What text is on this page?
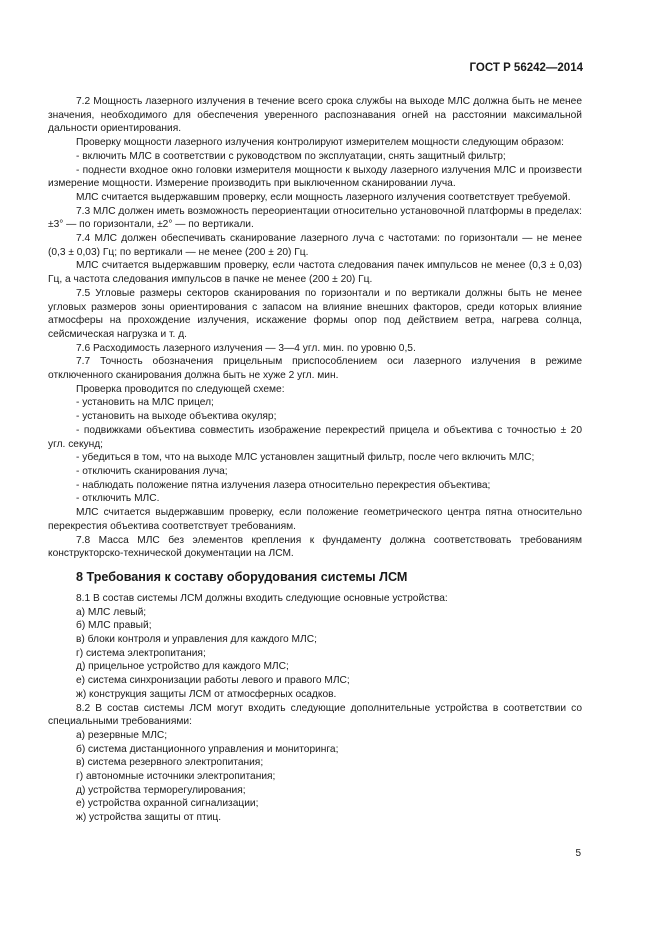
ГОСТ Р 56242—2014

7.2 Мощность лазерного излучения в течение всего срока службы на выходе МЛС должна быть не менее значения, необходимого для обеспечения уверенного распознавания огней на расстоянии максимальной дальности ориентирования.

Проверку мощности лазерного излучения контролируют измерителем мощности следующим образом:

- включить МЛС в соответствии с руководством по эксплуатации, снять защитный фильтр;

- поднести входное окно головки измерителя мощности к выходу лазерного излучения МЛС и произвести измерение мощности. Измерение производить при выключенном сканировании луча.

МЛС считается выдержавшим проверку, если мощность лазерного излучения соответствует требуемой.

7.3 МЛС должен иметь возможность переориентации относительно установочной платформы в пределах: ±3° — по горизонтали, ±2° — по вертикали.

7.4 МЛС должен обеспечивать сканирование лазерного луча с частотами: по горизонтали — не менее (0,3 ± 0,03) Гц; по вертикали — не менее (200 ± 20) Гц.

МЛС считается выдержавшим проверку, если частота следования пачек импульсов не менее (0,3 ± 0,03) Гц, а частота следования импульсов в пачке не менее (200 ± 20) Гц.

7.5 Угловые размеры секторов сканирования по горизонтали и по вертикали должны быть не менее угловых размеров зоны ориентирования с запасом на влияние внешних факторов, среди которых влияние атмосферы на прохождение излучения, искажение формы опор под действием ветра, нагрева солнца, сейсмическая нагрузка и т. д.

7.6 Расходимость лазерного излучения — 3—4 угл. мин. по уровню 0,5.

7.7 Точность обозначения прицельным приспособлением оси лазерного излучения в режиме отключенного сканирования должна быть не хуже 2 угл. мин.

Проверка проводится по следующей схеме:

- установить на МЛС прицел;

- установить на выходе объектива окуляр;

- подвижками объектива совместить изображение перекрестий прицела и объектива с точностью ± 20 угл. секунд;

- убедиться в том, что на выходе МЛС установлен защитный фильтр, после чего включить МЛС;

- отключить сканирования луча;

- наблюдать положение пятна излучения лазера относительно перекрестия объектива;

- отключить МЛС.

МЛС считается выдержавшим проверку, если положение геометрического центра пятна относительно перекрестия объектива соответствует требованиям.

7.8 Масса МЛС без элементов крепления к фундаменту должна соответствовать требованиям конструкторско-технической документации на ЛСМ.

8 Требования к составу оборудования системы ЛСМ

8.1 В состав системы ЛСМ должны входить следующие основные устройства:

а) МЛС левый;

б) МЛС правый;

в) блоки контроля и управления для каждого МЛС;

г) система электропитания;

д) прицельное устройство для каждого МЛС;

е) система синхронизации работы левого и правого МЛС;

ж) конструкция защиты ЛСМ от атмосферных осадков.

8.2 В состав системы ЛСМ могут входить следующие дополнительные устройства в соответствии со специальными требованиями:

а) резервные МЛС;

б) система дистанционного управления и мониторинга;

в) система резервного электропитания;

г) автономные источники электропитания;

д) устройства терморегулирования;

е) устройства охранной сигнализации;

ж) устройства защиты от птиц.

5
